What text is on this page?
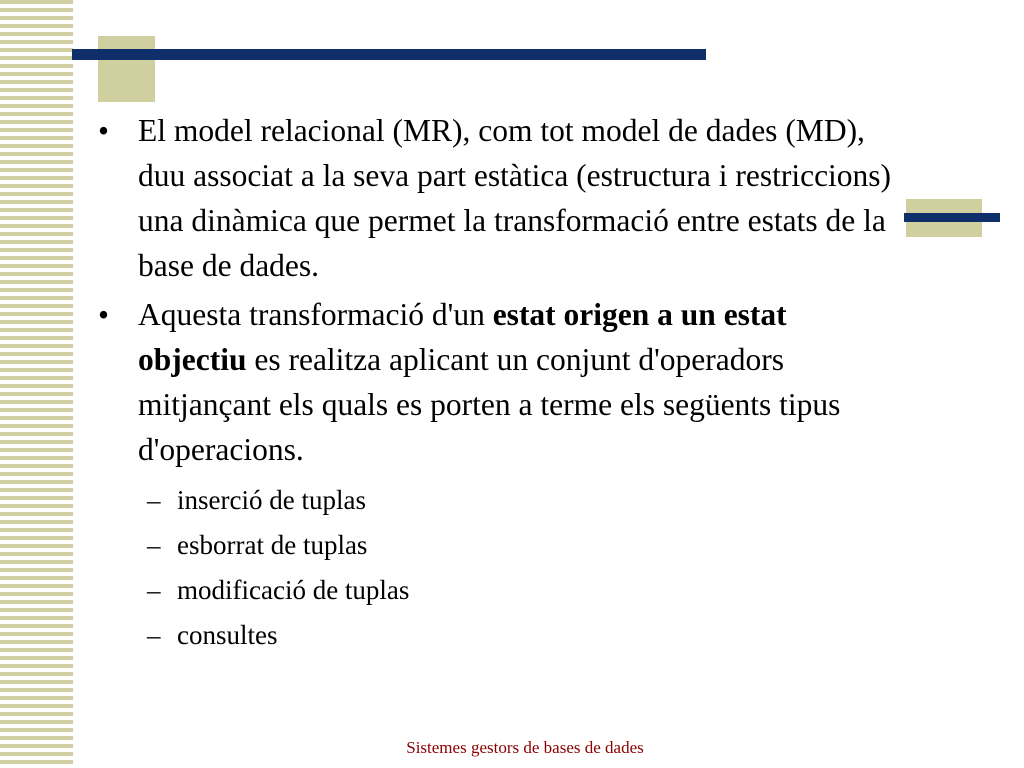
• El model relacional (MR), com tot model de dades (MD), duu associat a la seva part estàtica (estructura i restriccions) una dinàmica que permet la transformació entre estats de la base de dades.
• Aquesta transformació d'un estat origen a un estat objectiu es realitza aplicant un conjunt d'operadors mitjançant els quals es porten a terme els següents tipus d'operacions.
– inserció de tuplas
– esborrat de tuplas
– modificació de tuplas
– consultes
Sistemes gestors de bases de dades
